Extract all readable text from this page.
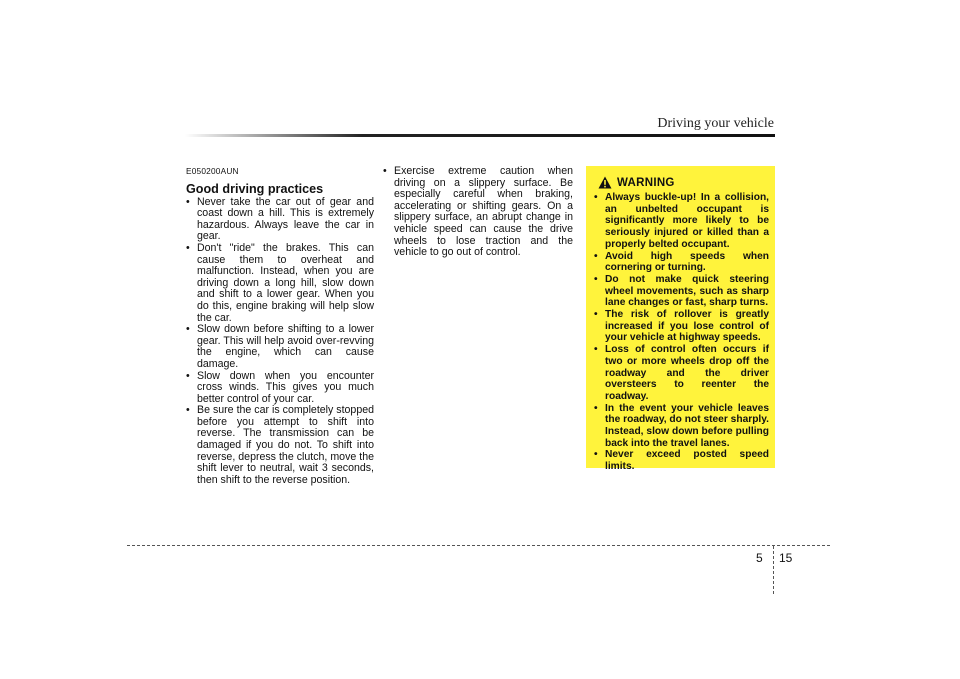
Driving your vehicle
E050200AUN
Good driving practices
• Never take the car out of gear and coast down a hill. This is extremely hazardous. Always leave the car in gear.
• Don't "ride" the brakes. This can cause them to overheat and malfunction. Instead, when you are driving down a long hill, slow down and shift to a lower gear. When you do this, engine braking will help slow the car.
• Slow down before shifting to a lower gear. This will help avoid over-revving the engine, which can cause damage.
• Slow down when you encounter cross winds. This gives you much better control of your car.
• Be sure the car is completely stopped before you attempt to shift into reverse. The transmission can be damaged if you do not. To shift into reverse, depress the clutch, move the shift lever to neutral, wait 3 seconds, then shift to the reverse position.
• Exercise extreme caution when driving on a slippery surface. Be especially careful when braking, accelerating or shifting gears. On a slippery surface, an abrupt change in vehicle speed can cause the drive wheels to lose traction and the vehicle to go out of control.
WARNING
• Always buckle-up! In a collision, an unbelted occupant is significantly more likely to be seriously injured or killed than a properly belted occupant.
• Avoid high speeds when cornering or turning.
• Do not make quick steering wheel movements, such as sharp lane changes or fast, sharp turns.
• The risk of rollover is greatly increased if you lose control of your vehicle at highway speeds.
• Loss of control often occurs if two or more wheels drop off the roadway and the driver oversteers to reenter the roadway.
• In the event your vehicle leaves the roadway, do not steer sharply. Instead, slow down before pulling back into the travel lanes.
• Never exceed posted speed limits.
5 15
